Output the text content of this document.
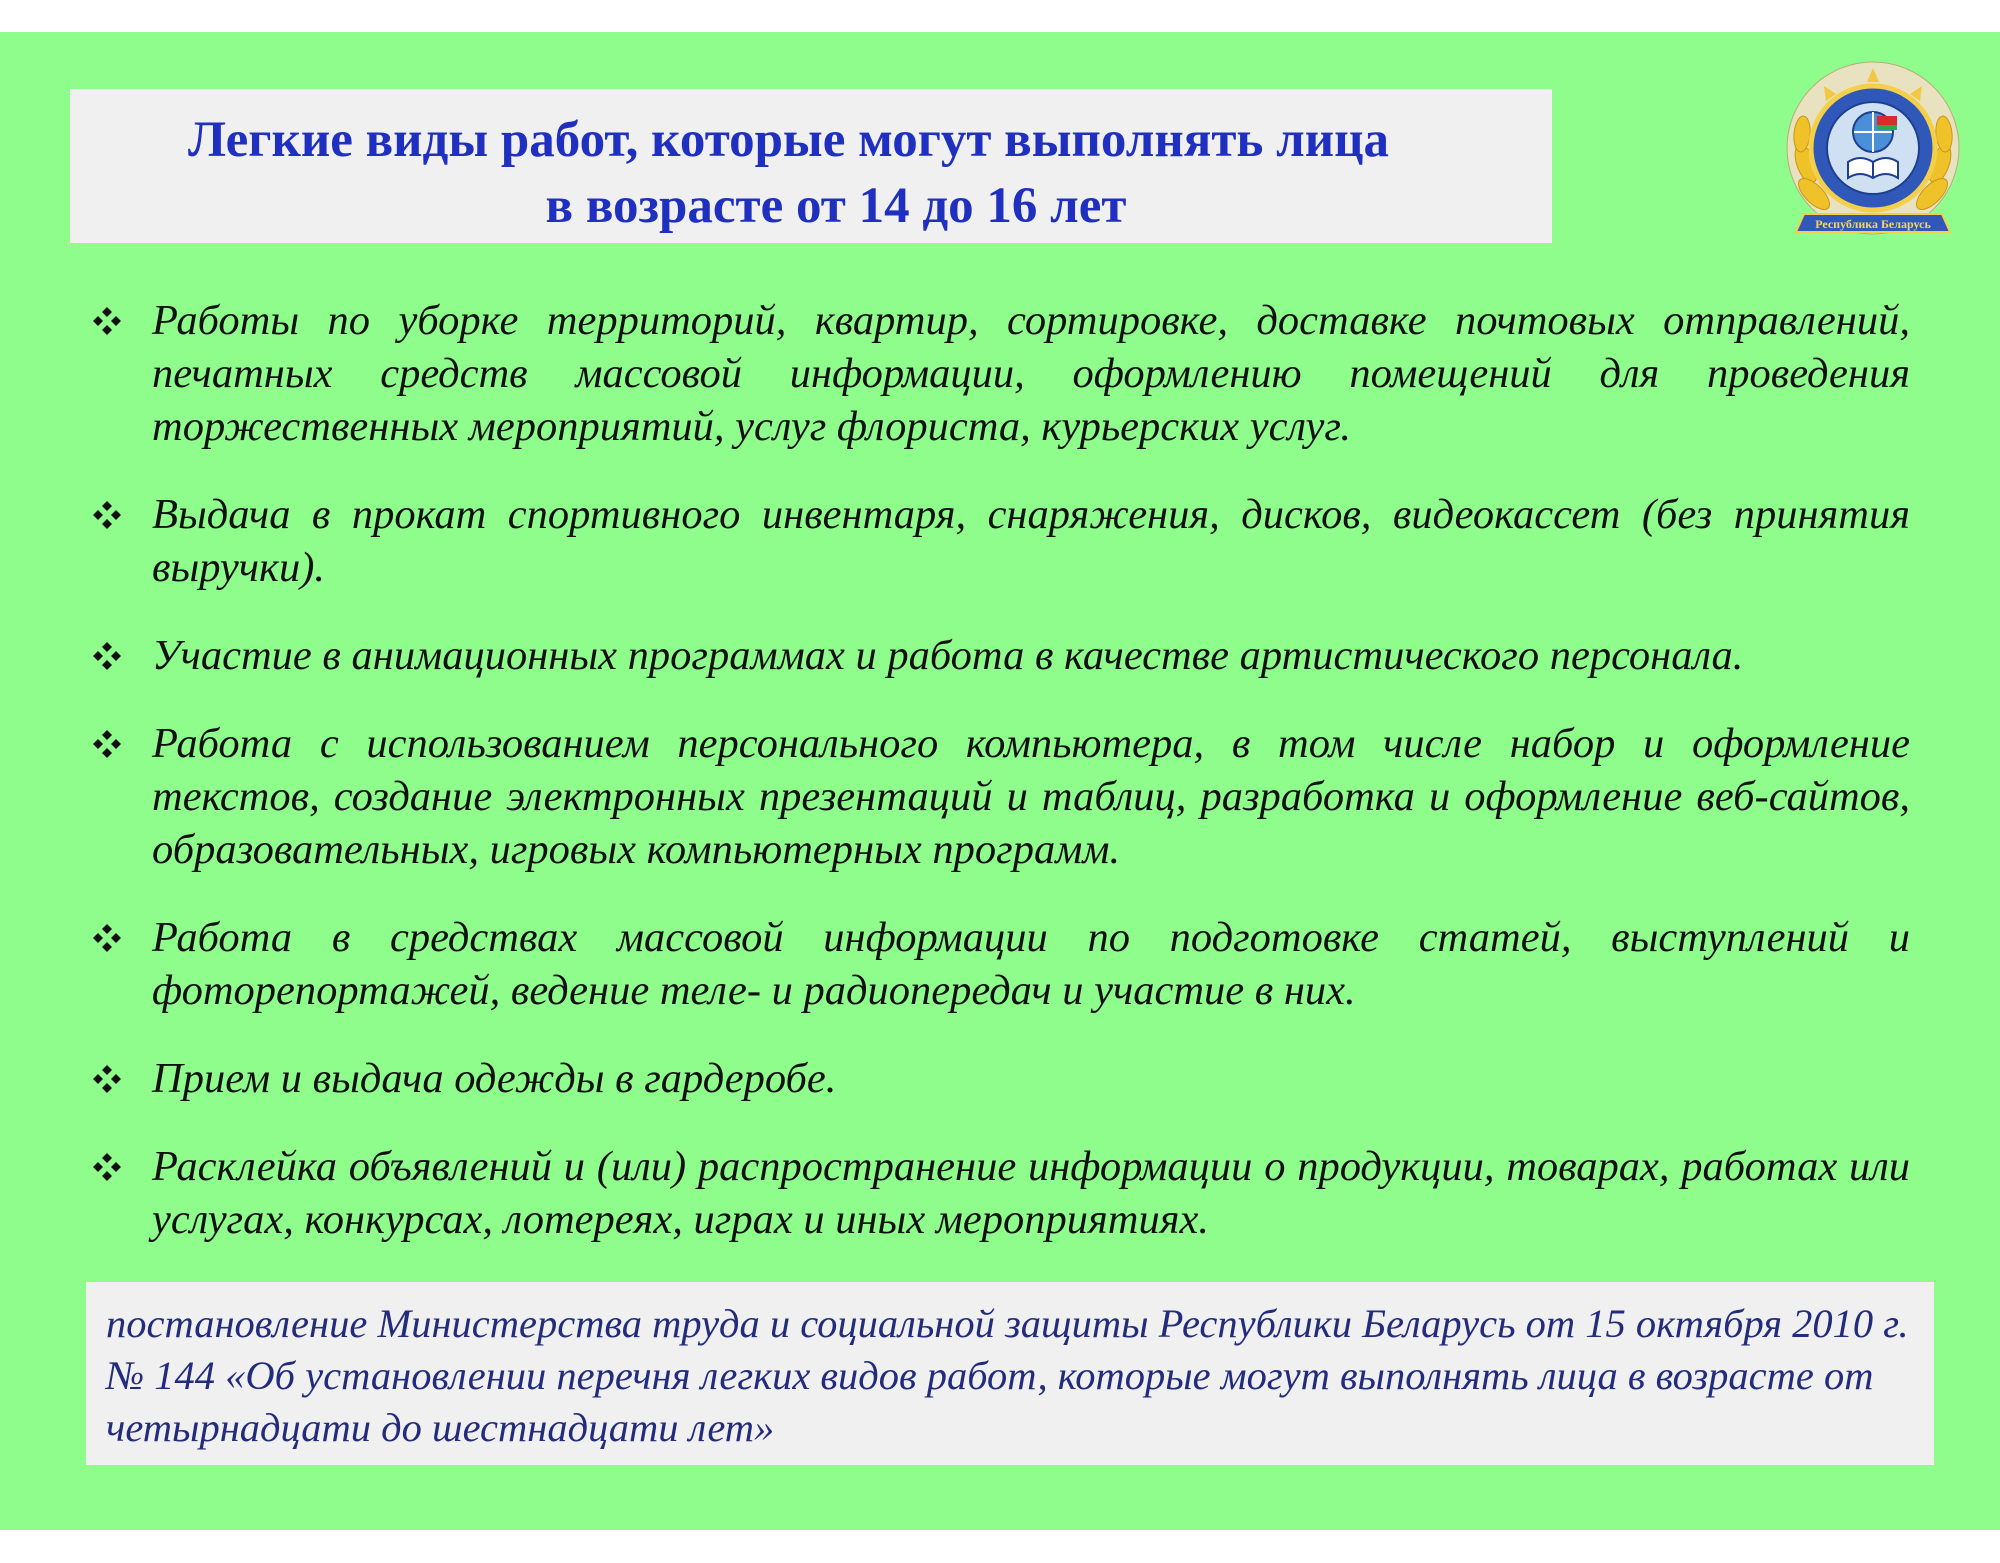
Легкие виды работ, которые могут выполнять лица
в возрасте от 14 до 16 лет	Республика Беларусь
Работы по уборке территорий, квартир, сортировке, доставке почтовых отправлений, печатных средств массовой информации, оформлению помещений для проведения торжественных мероприятий, услуг флориста, курьерских услуг.
Выдача в прокат спортивного инвентаря, снаряжения, дисков, видеокассет (без принятия выручки).
Участие в анимационных программах и работа в качестве артистического персонала.
Работа с использованием персонального компьютера, в том числе набор и оформление текстов, создание электронных презентаций и таблиц, разработка и оформление веб-сайтов, образовательных, игровых компьютерных программ.
Работа в средствах массовой информации по подготовке статей, выступлений и фоторепортажей, ведение теле- и радиопередач и участие в них.
Прием и выдача одежды в гардеробе.
Расклейка объявлений и (или) распространение информации о продукции, товарах, работах или услугах, конкурсах, лотереях, играх и иных мероприятиях.
постановление Министерства труда и социальной защиты Республики Беларусь от 15 октября 2010 г. № 144 «Об установлении перечня легких видов работ, которые могут выполнять лица в возрасте от четырнадцати до шестнадцати лет»
